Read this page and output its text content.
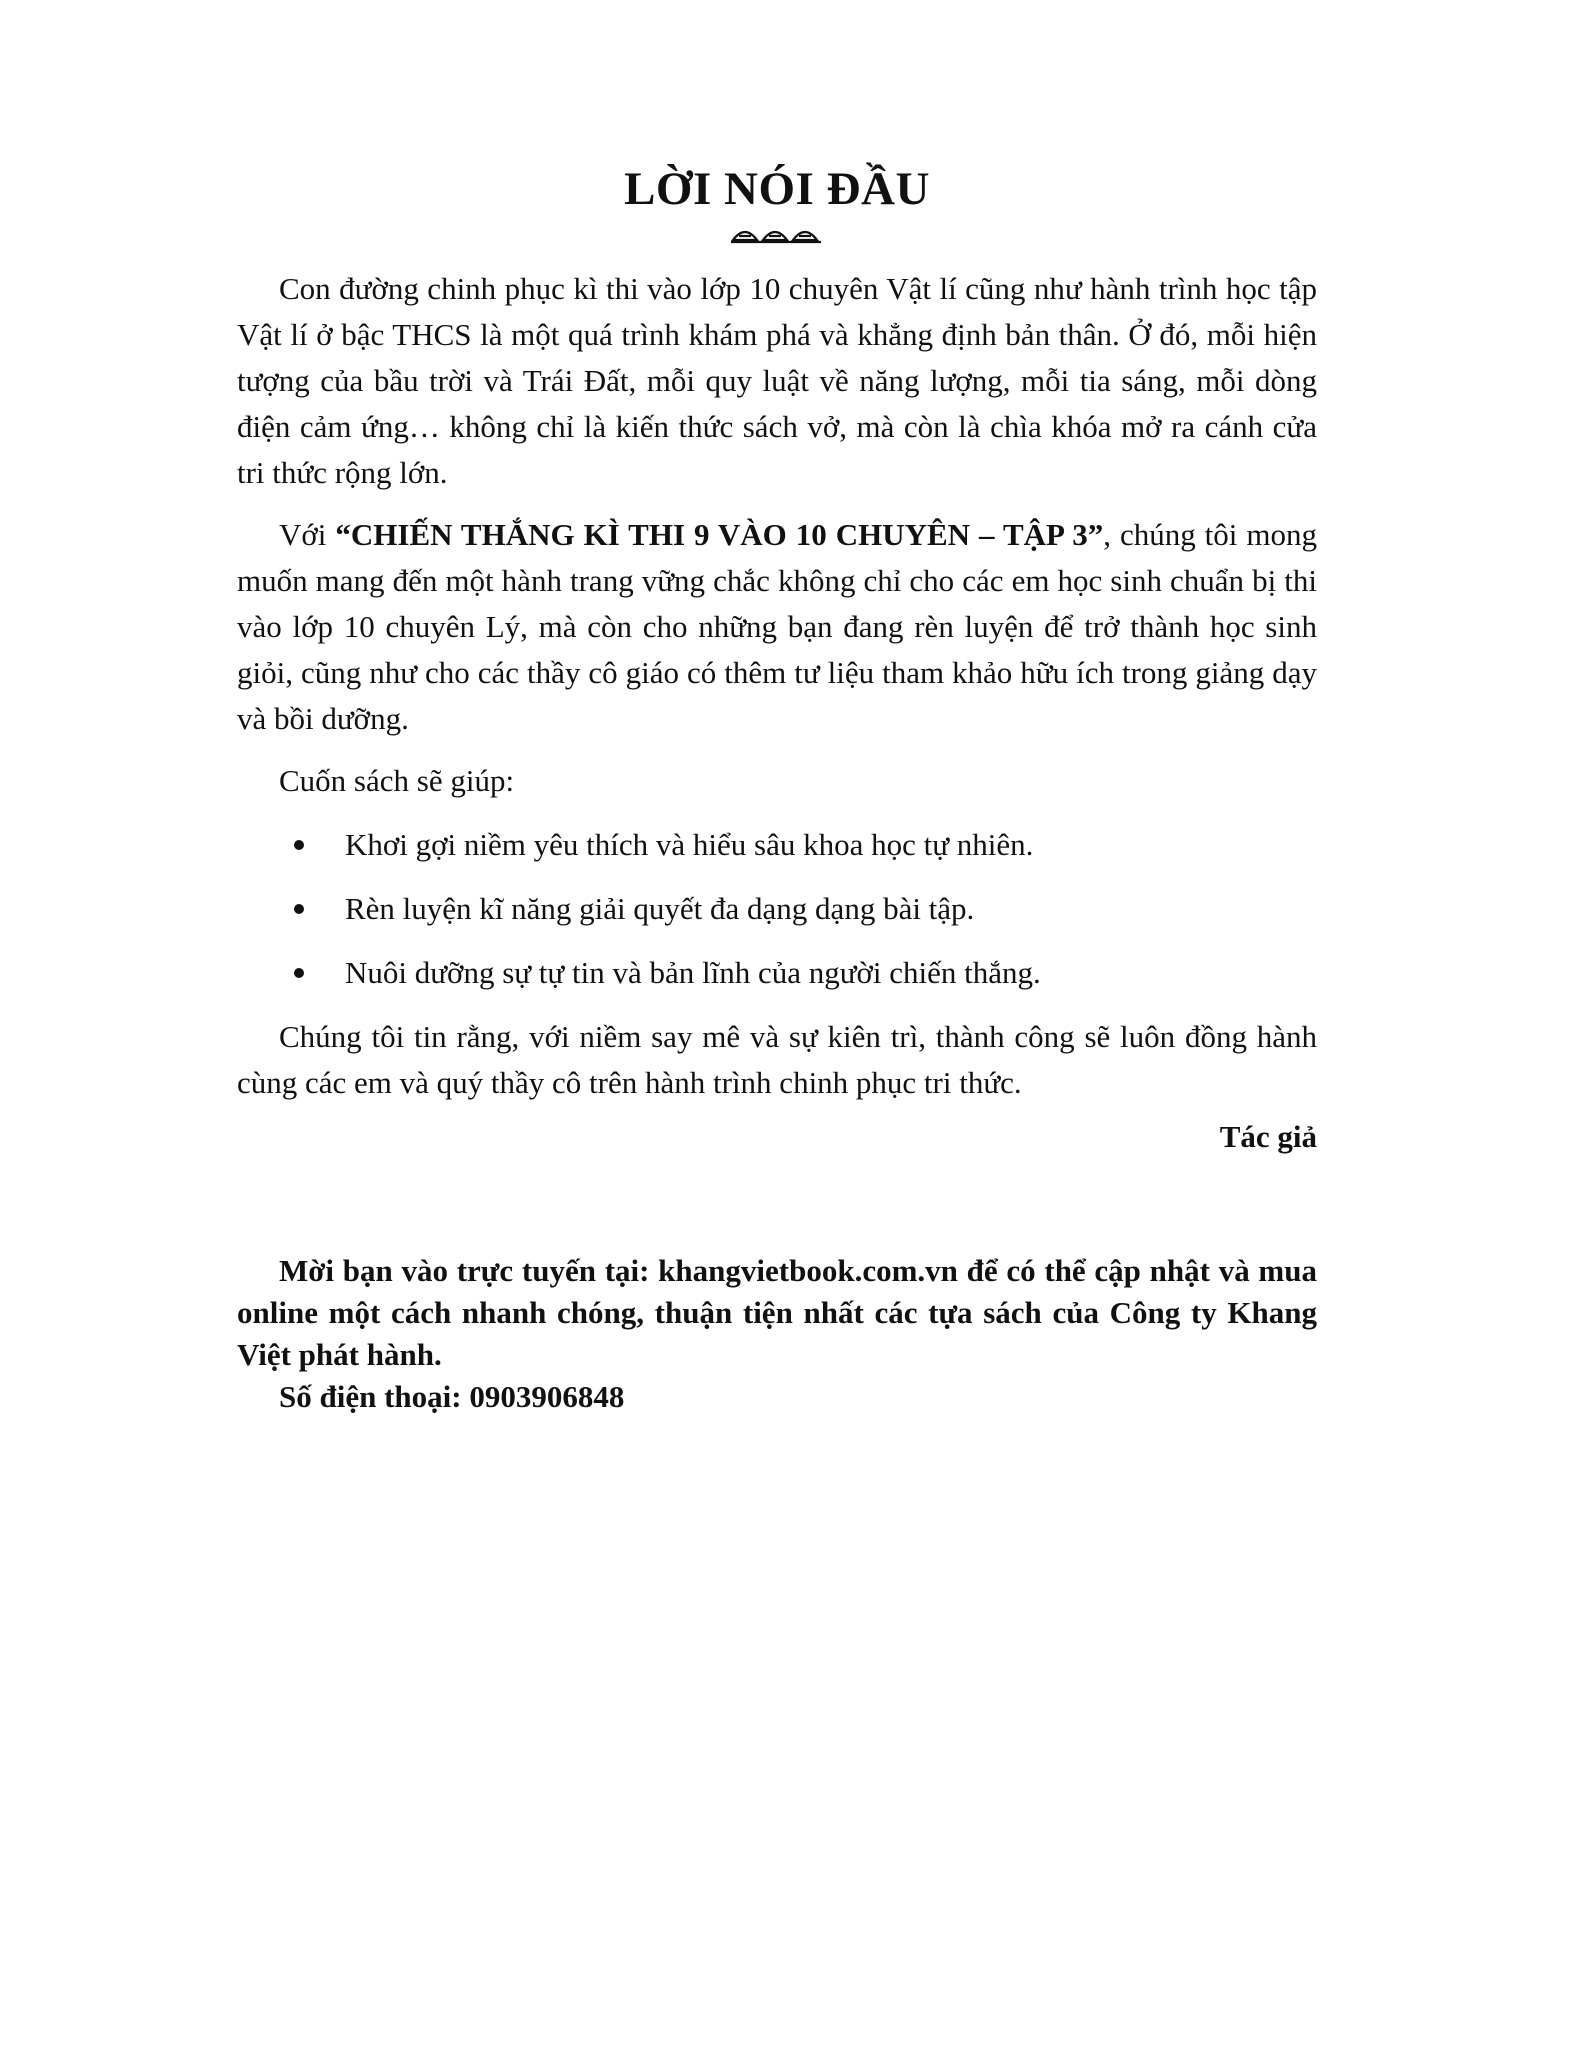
LỜI NÓI ĐẦU

Con đường chinh phục kì thi vào lớp 10 chuyên Vật lí cũng như hành trình học tập Vật lí ở bậc THCS là một quá trình khám phá và khẳng định bản thân. Ở đó, mỗi hiện tượng của bầu trời và Trái Đất, mỗi quy luật về năng lượng, mỗi tia sáng, mỗi dòng điện cảm ứng… không chỉ là kiến thức sách vở, mà còn là chìa khóa mở ra cánh cửa tri thức rộng lớn.

Với “CHIẾN THẮNG KÌ THI 9 VÀO 10 CHUYÊN – TẬP 3”, chúng tôi mong muốn mang đến một hành trang vững chắc không chỉ cho các em học sinh chuẩn bị thi vào lớp 10 chuyên Lý, mà còn cho những bạn đang rèn luyện để trở thành học sinh giỏi, cũng như cho các thầy cô giáo có thêm tư liệu tham khảo hữu ích trong giảng dạy và bồi dưỡng.

Cuốn sách sẽ giúp:

Khơi gợi niềm yêu thích và hiểu sâu khoa học tự nhiên.
Rèn luyện kĩ năng giải quyết đa dạng dạng bài tập.
Nuôi dưỡng sự tự tin và bản lĩnh của người chiến thắng.

Chúng tôi tin rằng, với niềm say mê và sự kiên trì, thành công sẽ luôn đồng hành cùng các em và quý thầy cô trên hành trình chinh phục tri thức.

Tác giả
Mời bạn vào trực tuyến tại: khangvietbook.com.vn để có thể cập nhật và mua online một cách nhanh chóng, thuận tiện nhất các tựa sách của Công ty Khang Việt phát hành.
Số điện thoại: 0903906848
